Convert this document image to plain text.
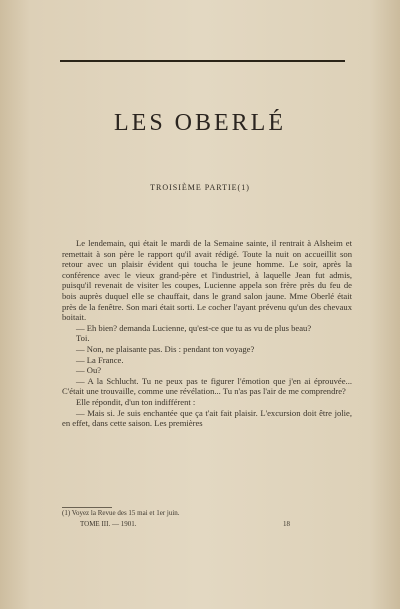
LES OBERLÉ
TROISIÈME PARTIE(1)

Le lendemain, qui était le mardi de la Semaine sainte, il rentrait à Alsheim et remettait à son père le rapport qu'il avait rédigé. Toute la nuit on accueillit son retour avec un plaisir évident qui toucha le jeune homme. Le soir, après la conférence avec le vieux grand-père et l'industriel, à laquelle Jean fut admis, puisqu'il revenait de visiter les coupes, Lucienne appela son frère près du feu de bois auprès duquel elle se chauffait, dans le grand salon jaune. Mme Oberlé était près de la fenêtre. Son mari était sorti. Le cocher l'ayant prévenu qu'un des chevaux boitait.

— Eh bien? demanda Lucienne, qu'est-ce que tu as vu de plus beau?

Toi.

— Non, ne plaisante pas. Dis : pendant ton voyage?

— La France.

— Ou?

— A la Schlucht. Tu ne peux pas te figurer l'émotion que j'en ai éprouvée... C'était une trouvaille, comme une révélation... Tu n'as pas l'air de me comprendre?

Elle répondit, d'un ton indifférent :

— Mais si. Je suis enchantée que ça t'ait fait plaisir. L'excursion doit être jolie, en effet, dans cette saison. Les premières

(1) Voyez la Revue des 15 mai et 1er juin.
TOME III. — 1901.	18
